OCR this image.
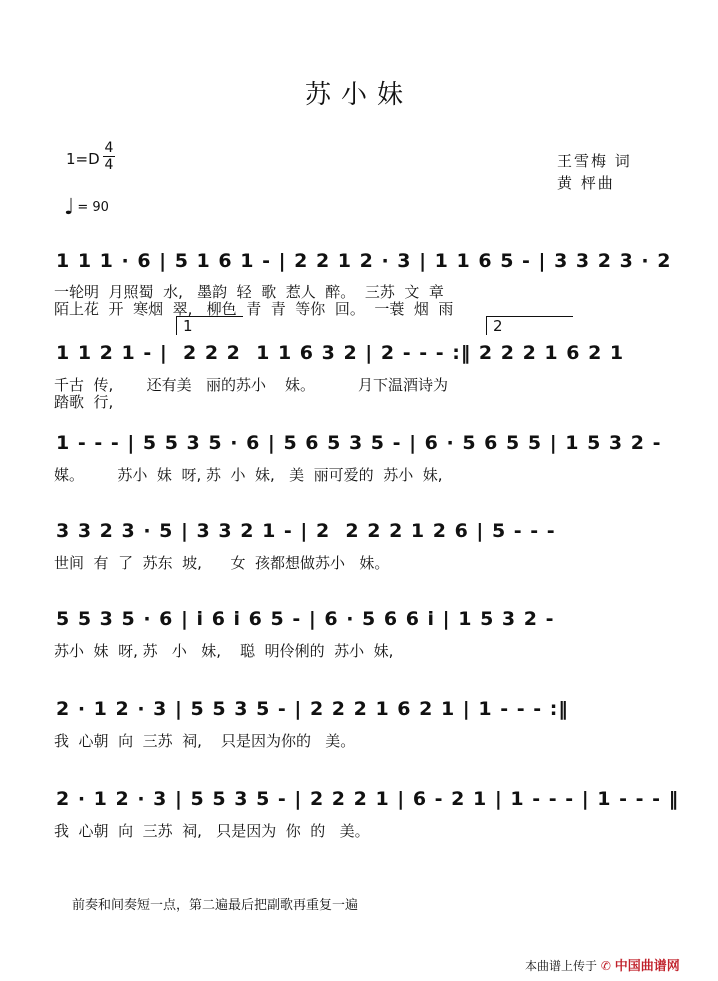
苏小妹
1=D
4
4
♩ = 90
王雪梅 词
黄 枰曲

1 1 1 · 6 | 5 1 6 1 - | 2 2 1 2 · 3 | 1 1 6 5 - | 3 3 2 3 · 2

一轮明  月照蜀  水,   墨韵  轻  歌  惹人  醉。  三苏  文  章
陌上花  开  寒烟  翠,   柳色  青  青  等你  回。  一蓑  烟  雨
1	2

1 1 2 1 - |  2 2 2  1 1 6 3 2 | 2 - - - :‖ 2 2 2 1 6 2 1

千古  传,       还有美   丽的苏小    妹。         月下温酒诗为
踏歌  行,

1 - - - | 5 5 3 5 · 6 | 5 6 5 3 5 - | 6 · 5 6 5 5 | 1 5 3 2 -

媒。       苏小  妹  呀, 苏  小  妹,   美  丽可爱的  苏小  妹,

3 3 2 3 · 5 | 3 3 2 1 - | 2  2 2 2 1 2 6 | 5 - - -

世间  有  了  苏东  坡,      女  孩都想做苏小   妹。

5 5 3 5 · 6 | i 6 i 6 5 - | 6 · 5 6 6 i | 1 5 3 2 -

苏小  妹  呀, 苏   小   妹,    聪  明伶俐的  苏小  妹,

2 · 1 2 · 3 | 5 5 3 5 - | 2 2 2 1 6 2 1 | 1 - - - :‖

我  心朝  向  三苏  祠,    只是因为你的   美。

2 · 1 2 · 3 | 5 5 3 5 - | 2 2 2 1 | 6 - 2 1 | 1 - - - | 1 - - - ‖

我  心朝  向  三苏  祠,   只是因为  你  的   美。
前奏和间奏短一点，第二遍最后把副歌再重复一遍
本曲谱上传于 ✆ 中国曲谱网
